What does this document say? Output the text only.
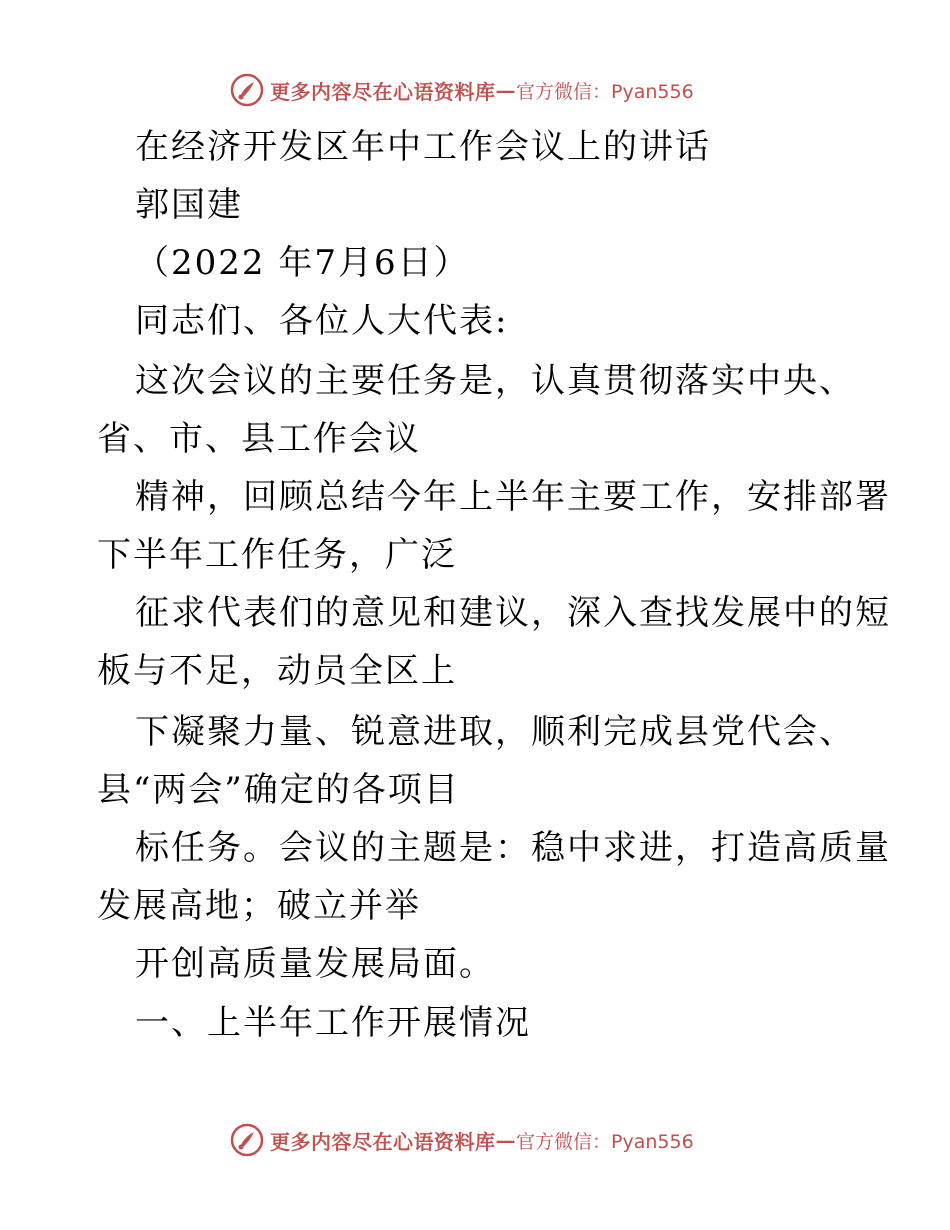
更多内容尽在心语资料库 — 官方微信：Pyan556
在经济开发区年中工作会议上的讲话
郭国建
（2022 年7月6日）
同志们、各位人大代表:
这次会议的主要任务是，认真贯彻落实中央、
省、市、县工作会议
精神，回顾总结今年上半年主要工作，安排部署
下半年工作任务，广泛
征求代表们的意见和建议，深入查找发展中的短
板与不足，动员全区上
下凝聚力量、锐意进取，顺利完成县党代会、
县“两会”确定的各项目
标任务。会议的主题是：稳中求进，打造高质量
发展高地；破立并举
开创高质量发展局面。
一、上半年工作开展情况
更多内容尽在心语资料库 — 官方微信：Pyan556
